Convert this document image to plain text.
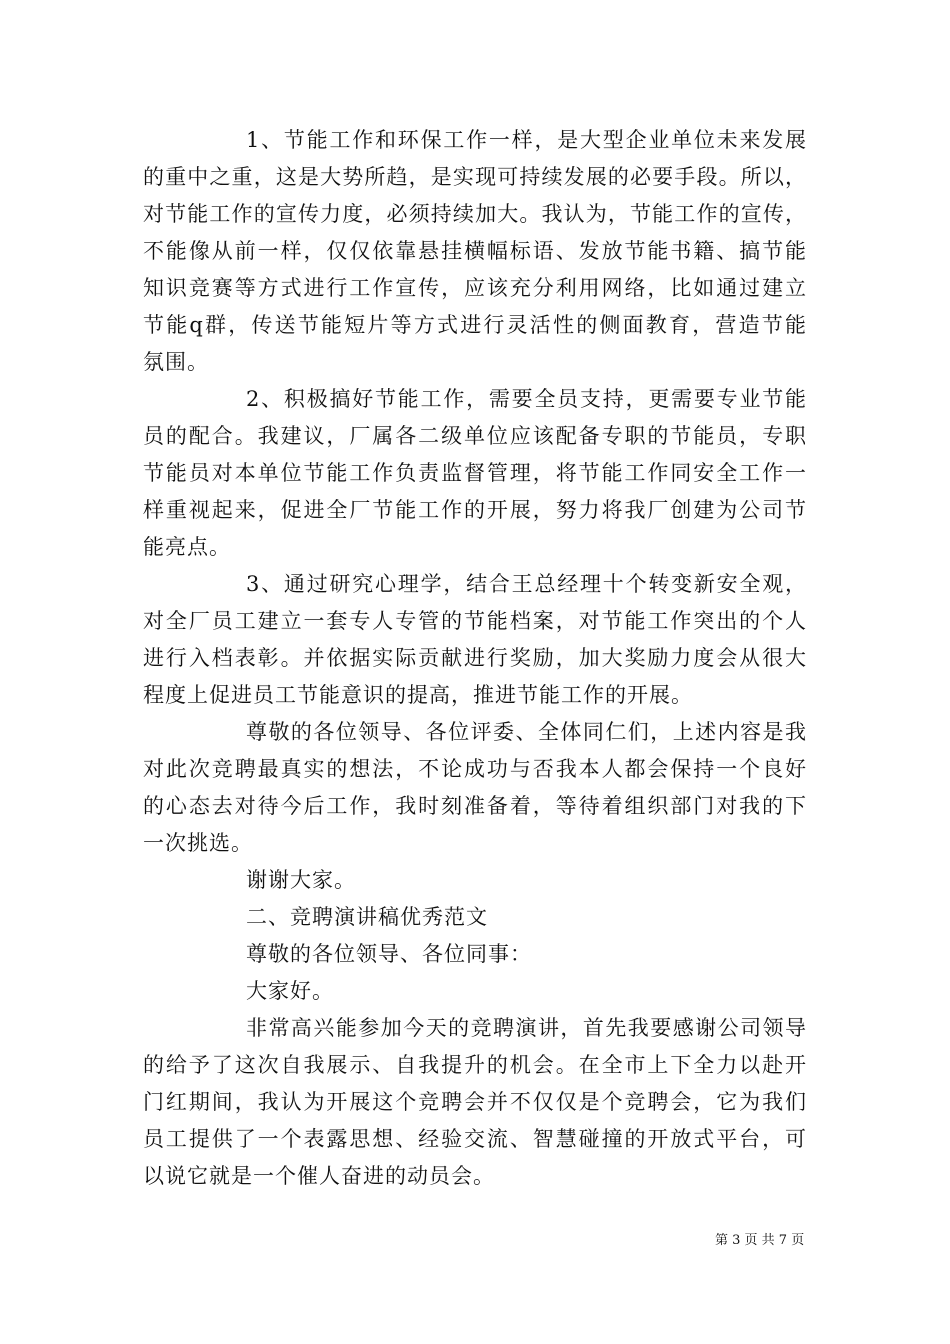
1、节能工作和环保工作一样，是大型企业单位未来发展
的重中之重，这是大势所趋，是实现可持续发展的必要手段。所以，
对节能工作的宣传力度，必须持续加大。我认为，节能工作的宣传，
不能像从前一样，仅仅依靠悬挂横幅标语、发放节能书籍、搞节能
知识竞赛等方式进行工作宣传，应该充分利用网络，比如通过建立
节能q群，传送节能短片等方式进行灵活性的侧面教育，营造节能
氛围。
2、积极搞好节能工作，需要全员支持，更需要专业节能
员的配合。我建议，厂属各二级单位应该配备专职的节能员，专职
节能员对本单位节能工作负责监督管理，将节能工作同安全工作一
样重视起来，促进全厂节能工作的开展，努力将我厂创建为公司节
能亮点。
3、通过研究心理学，结合王总经理十个转变新安全观，
对全厂员工建立一套专人专管的节能档案，对节能工作突出的个人
进行入档表彰。并依据实际贡献进行奖励，加大奖励力度会从很大
程度上促进员工节能意识的提高，推进节能工作的开展。
尊敬的各位领导、各位评委、全体同仁们，上述内容是我
对此次竞聘最真实的想法，不论成功与否我本人都会保持一个良好
的心态去对待今后工作，我时刻准备着，等待着组织部门对我的下
一次挑选。
谢谢大家。
二、竞聘演讲稿优秀范文
尊敬的各位领导、各位同事：
大家好。
非常高兴能参加今天的竞聘演讲，首先我要感谢公司领导
的给予了这次自我展示、自我提升的机会。在全市上下全力以赴开
门红期间，我认为开展这个竞聘会并不仅仅是个竞聘会，它为我们
员工提供了一个表露思想、经验交流、智慧碰撞的开放式平台，可
以说它就是一个催人奋进的动员会。
第 3 页 共 7 页
